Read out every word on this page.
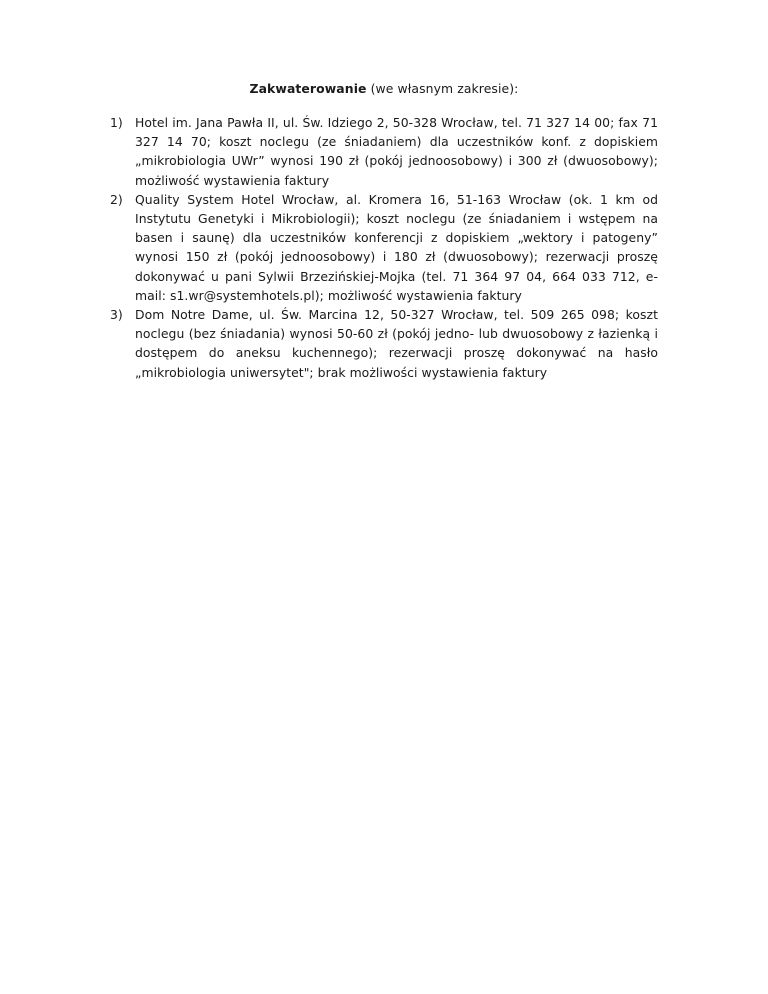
Zakwaterowanie (we własnym zakresie):
1) Hotel im. Jana Pawła II, ul. Św. Idziego 2, 50-328 Wrocław, tel. 71 327 14 00; fax 71 327 14 70; koszt noclegu (ze śniadaniem) dla uczestników konf. z dopiskiem „mikrobiologia UWr” wynosi 190 zł (pokój jednoosobowy) i 300 zł (dwuosobowy); możliwość wystawienia faktury
2) Quality System Hotel Wrocław, al. Kromera 16, 51-163 Wrocław (ok. 1 km od Instytutu Genetyki i Mikrobiologii); koszt noclegu (ze śniadaniem i wstępem na basen i saunę) dla uczestników konferencji z dopiskiem „wektory i patogeny” wynosi 150 zł (pokój jednoosobowy) i 180 zł (dwuosobowy); rezerwacji proszę dokonywać u pani Sylwii Brzezińskiej-Mojka (tel. 71 364 97 04, 664 033 712, e-mail: s1.wr@systemhotels.pl); możliwość wystawienia faktury
3) Dom Notre Dame, ul. Św. Marcina 12, 50-327 Wrocław, tel. 509 265 098; koszt noclegu (bez śniadania) wynosi 50-60 zł (pokój jedno- lub dwuosobowy z łazienką i dostępem do aneksu kuchennego); rezerwacji proszę dokonywać na hasło „mikrobiologia uniwersytet"; brak możliwości wystawienia faktury
